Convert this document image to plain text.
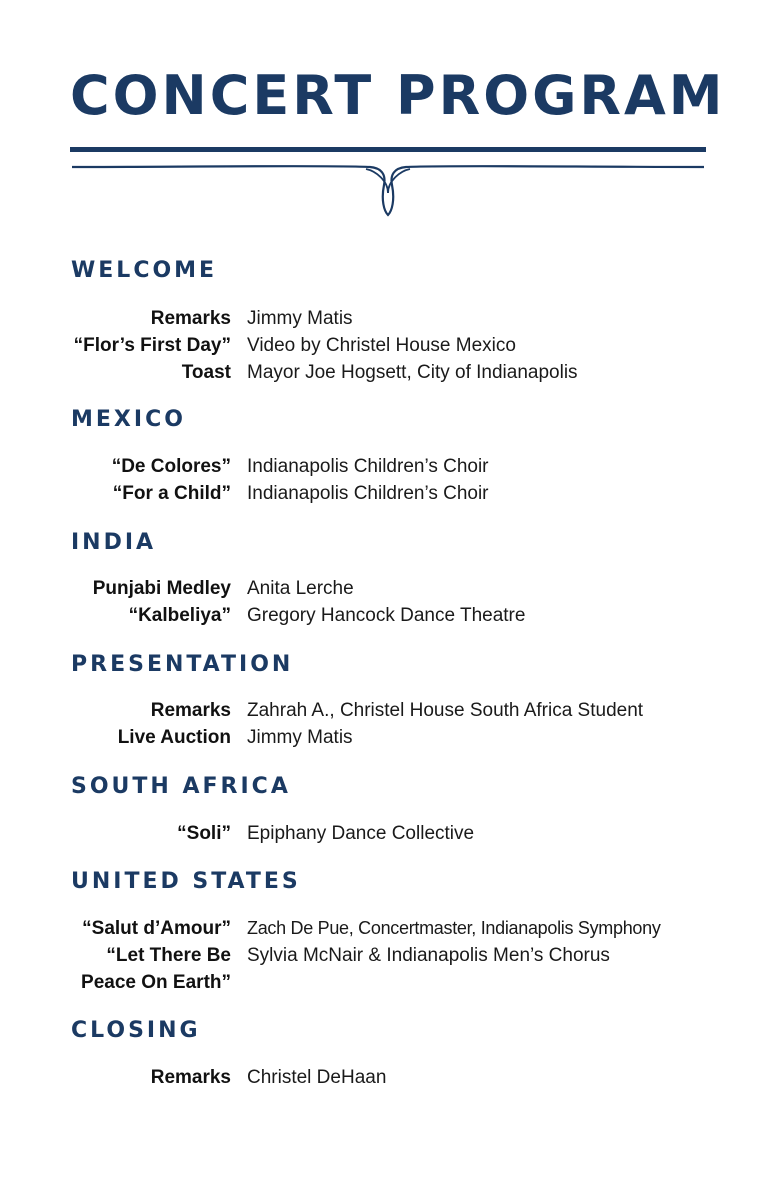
CONCERT PROGRAM
WELCOME
Remarks Jimmy Matis
“Flor’s First Day” Video by Christel House Mexico
Toast Mayor Joe Hogsett, City of Indianapolis
MEXICO
“De Colores” Indianapolis Children’s Choir
“For a Child” Indianapolis Children’s Choir
INDIA
Punjabi Medley Anita Lerche
“Kalbeliya” Gregory Hancock Dance Theatre
PRESENTATION
Remarks Zahrah A., Christel House South Africa Student
Live Auction Jimmy Matis
SOUTH AFRICA
“Soli” Epiphany Dance Collective
UNITED STATES
“Salut d’Amour” Zach De Pue, Concertmaster, Indianapolis Symphony
“Let There Be Peace On Earth”
Sylvia McNair & Indianapolis Men’s Chorus
CLOSING
Remarks Christel DeHaan
